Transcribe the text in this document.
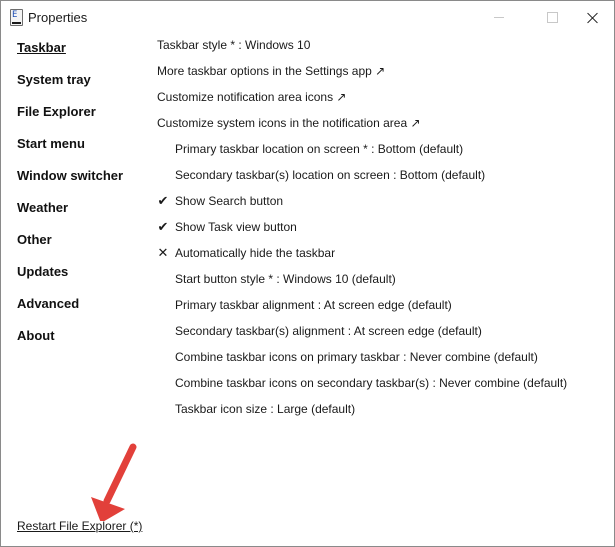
E Properties
Taskbar
System tray
File Explorer
Start menu
Window switcher
Weather
Other
Updates
Advanced
About
Taskbar style * : Windows 10
More taskbar options in the Settings app ↗
Customize notification area icons ↗
Customize system icons in the notification area ↗
Primary taskbar location on screen * : Bottom (default)
Secondary taskbar(s) location on screen : Bottom (default)
✔ Show Search button
✔ Show Task view button
✕ Automatically hide the taskbar
Start button style * : Windows 10 (default)
Primary taskbar alignment : At screen edge (default)
Secondary taskbar(s) alignment : At screen edge (default)
Combine taskbar icons on primary taskbar : Never combine (default)
Combine taskbar icons on secondary taskbar(s) : Never combine (default)
Taskbar icon size : Large (default)
Restart File Explorer (*)
